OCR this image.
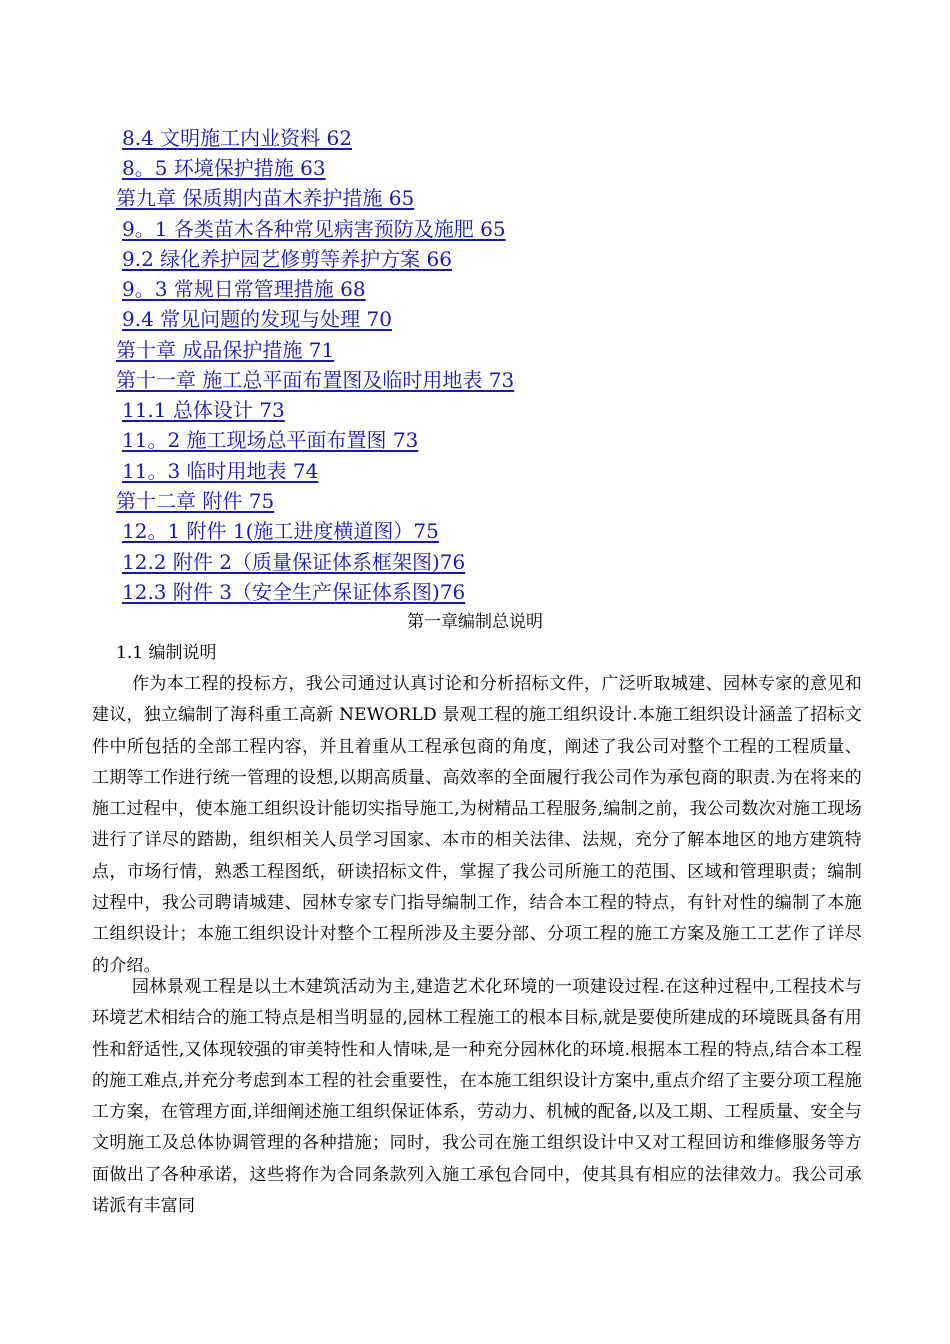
8.4 文明施工内业资料 62
8。5 环境保护措施 63
第九章 保质期内苗木养护措施 65
9。1 各类苗木各种常见病害预防及施肥 65
9.2 绿化养护园艺修剪等养护方案 66
9。3 常规日常管理措施 68
9.4 常见问题的发现与处理 70
第十章 成品保护措施 71
第十一章 施工总平面布置图及临时用地表 73
11.1 总体设计 73
11。2 施工现场总平面布置图 73
11。3 临时用地表 74
第十二章 附件 75
12。1 附件 1(施工进度横道图）75
12.2 附件 2（质量保证体系框架图)76
12.3 附件 3（安全生产保证体系图)76
第一章编制总说明
1.1 编制说明

作为本工程的投标方，我公司通过认真讨论和分析招标文件，广泛听取城建、园林专家的意见和建议，独立编制了海科重工高新 NEWORLD 景观工程的施工组织设计.本施工组织设计涵盖了招标文件中所包括的全部工程内容，并且着重从工程承包商的角度，阐述了我公司对整个工程的工程质量、工期等工作进行统一管理的设想,以期高质量、高效率的全面履行我公司作为承包商的职责.为在将来的施工过程中，使本施工组织设计能切实指导施工,为树精品工程服务,编制之前，我公司数次对施工现场进行了详尽的踏勘，组织相关人员学习国家、本市的相关法律、法规，充分了解本地区的地方建筑特点，市场行情，熟悉工程图纸，研读招标文件，掌握了我公司所施工的范围、区域和管理职责；编制过程中，我公司聘请城建、园林专家专门指导编制工作，结合本工程的特点，有针对性的编制了本施工组织设计；本施工组织设计对整个工程所涉及主要分部、分项工程的施工方案及施工工艺作了详尽的介绍。

园林景观工程是以土木建筑活动为主,建造艺术化环境的一项建设过程.在这种过程中,工程技术与环境艺术相结合的施工特点是相当明显的,园林工程施工的根本目标,就是要使所建成的环境既具备有用性和舒适性,又体现较强的审美特性和人情味,是一种充分园林化的环境.根据本工程的特点,结合本工程的施工难点,并充分考虑到本工程的社会重要性，在本施工组织设计方案中,重点介绍了主要分项工程施工方案，在管理方面,详细阐述施工组织保证体系，劳动力、机械的配备,以及工期、工程质量、安全与文明施工及总体协调管理的各种措施；同时，我公司在施工组织设计中又对工程回访和维修服务等方面做出了各种承诺，这些将作为合同条款列入施工承包合同中，使其具有相应的法律效力。我公司承诺派有丰富同
